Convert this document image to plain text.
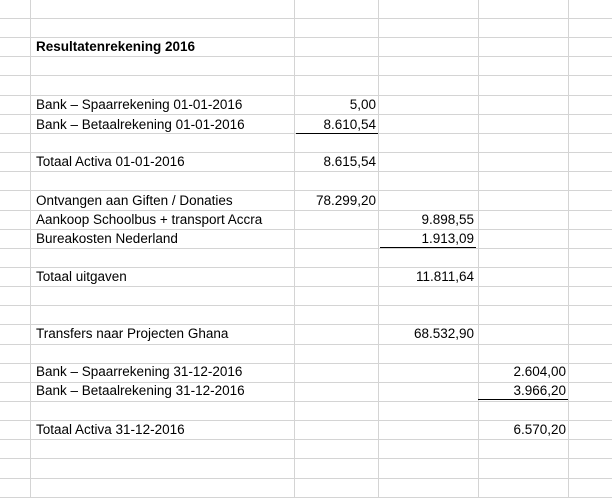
Resultatenrekening 2016
Bank – Spaarrekening 01-01-2016	5,00
Bank – Betaalrekening 01-01-2016	8.610,54
Totaal Activa 01-01-2016	8.615,54
Ontvangen aan Giften / Donaties	78.299,20
Aankoop Schoolbus + transport Accra	9.898,55
Bureakosten Nederland	1.913,09
Totaal uitgaven	11.811,64
Transfers naar Projecten Ghana	68.532,90
Bank – Spaarrekening 31-12-2016	2.604,00
Bank – Betaalrekening 31-12-2016	3.966,20
Totaal Activa 31-12-2016	6.570,20
